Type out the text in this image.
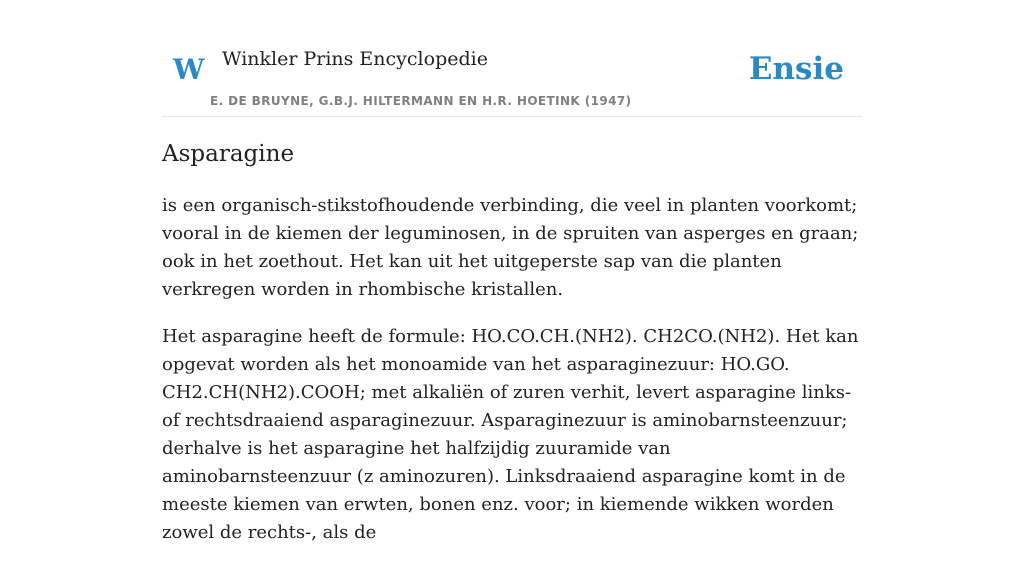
W Winkler Prins Encyclopedie
E. DE BRUYNE, G.B.J. HILTERMANN EN H.R. HOETINK (1947)
Ensie
Asparagine

is een organisch-stikstofhoudende verbinding, die veel in planten voorkomt; vooral in de kiemen der leguminosen, in de spruiten van asperges en graan; ook in het zoethout. Het kan uit het uitgeperste sap van die planten verkregen worden in rhombische kristallen.

Het asparagine heeft de formule: HO.CO.CH.(NH2). CH2CO.(NH2). Het kan opgevat worden als het monoamide van het asparaginezuur: HO.GO. CH2.CH(NH2).COOH; met alkaliën of zuren verhit, levert asparagine links- of rechtsdraaiend asparaginezuur. Asparaginezuur is aminobarnsteenzuur; derhalve is het asparagine het halfzijdig zuuramide van aminobarnsteenzuur (z aminozuren). Linksdraaiend asparagine komt in de meeste kiemen van erwten, bonen enz. voor; in kiemende wikken worden zowel de rechts-, als de
